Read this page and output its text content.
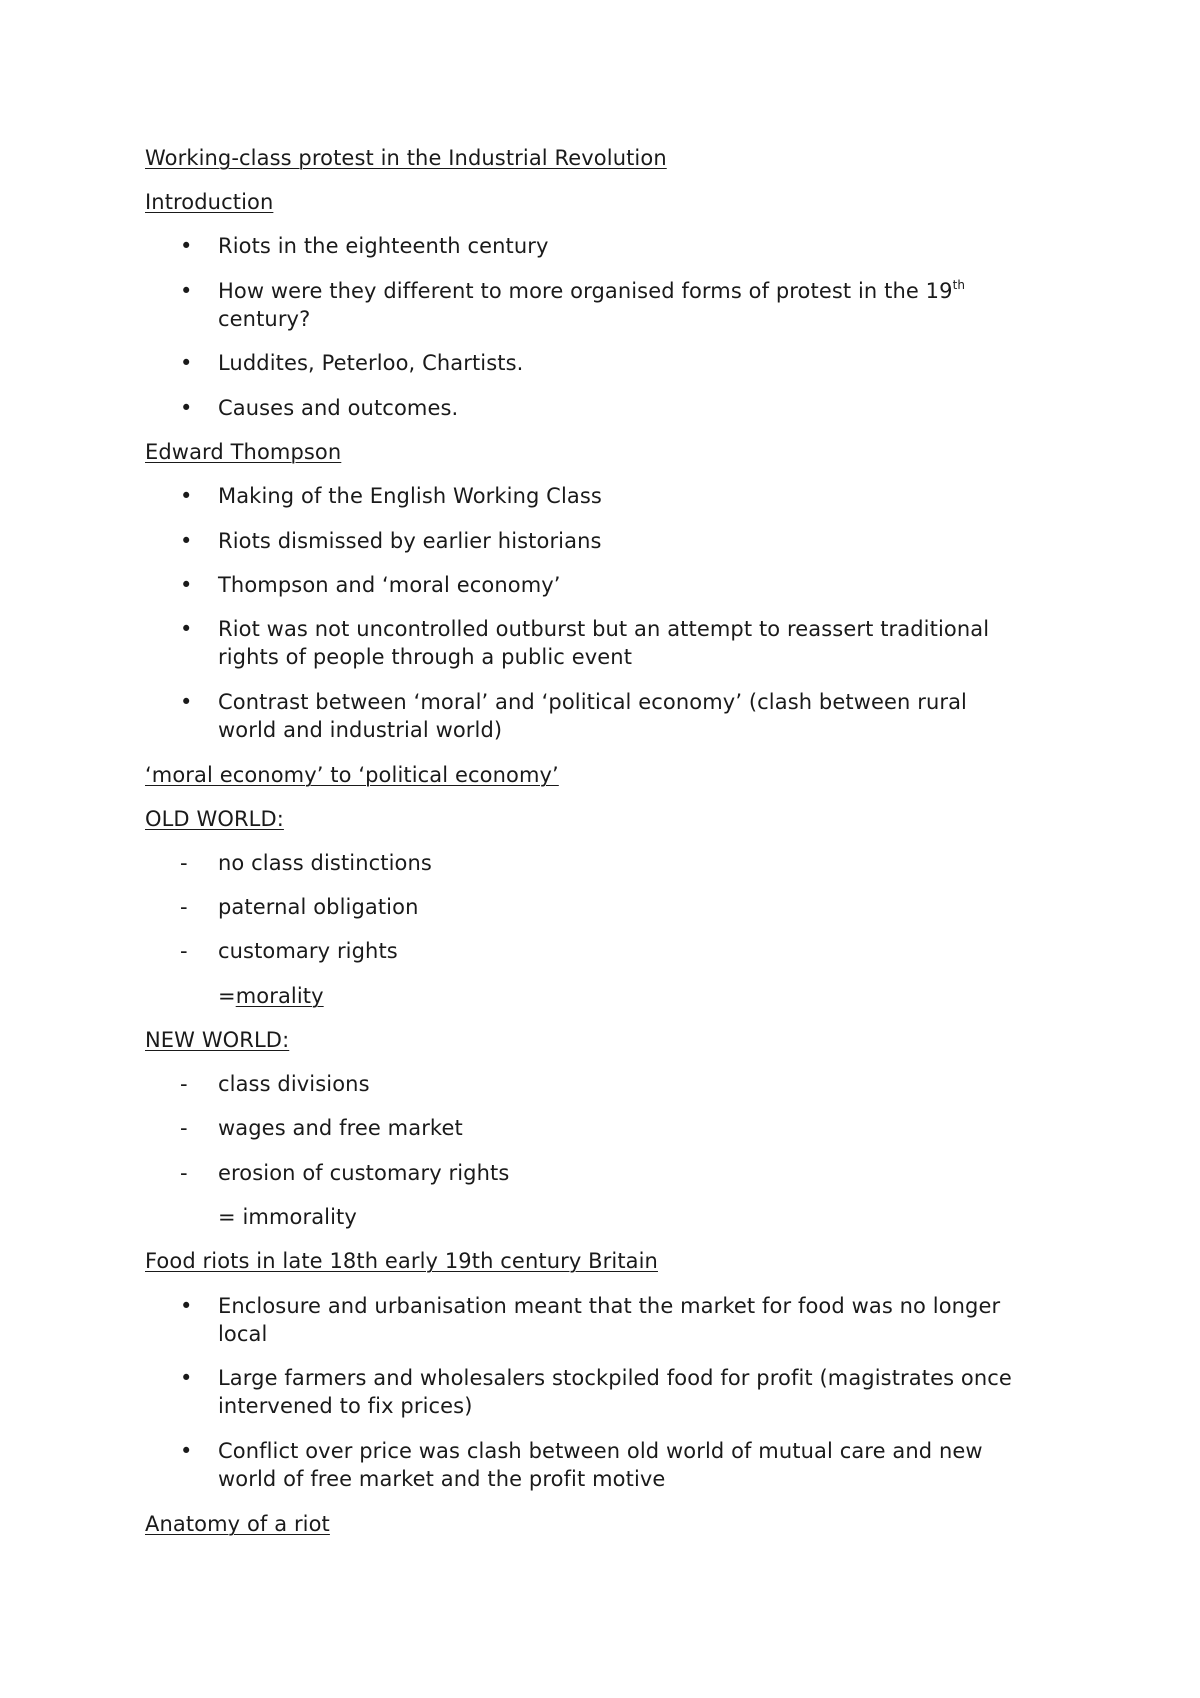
Working-class protest in the Industrial Revolution
Introduction
• Riots in the eighteenth century
• How were they different to more organised forms of protest in the 19th
century?
• Luddites, Peterloo, Chartists.
• Causes and outcomes.
Edward Thompson
• Making of the English Working Class
• Riots dismissed by earlier historians
• Thompson and ‘moral economy’
• Riot was not uncontrolled outburst but an attempt to reassert traditional
rights of people through a public event
• Contrast between ‘moral’ and ‘political economy’ (clash between rural
world and industrial world)
‘moral economy’ to ‘political economy’
OLD WORLD:
- no class distinctions
- paternal obligation
- customary rights
=morality
NEW WORLD:
- class divisions
- wages and free market
- erosion of customary rights
= immorality
Food riots in late 18th early 19th century Britain
• Enclosure and urbanisation meant that the market for food was no longer
local
• Large farmers and wholesalers stockpiled food for profit (magistrates once
intervened to fix prices)
• Conflict over price was clash between old world of mutual care and new
world of free market and the profit motive
Anatomy of a riot
